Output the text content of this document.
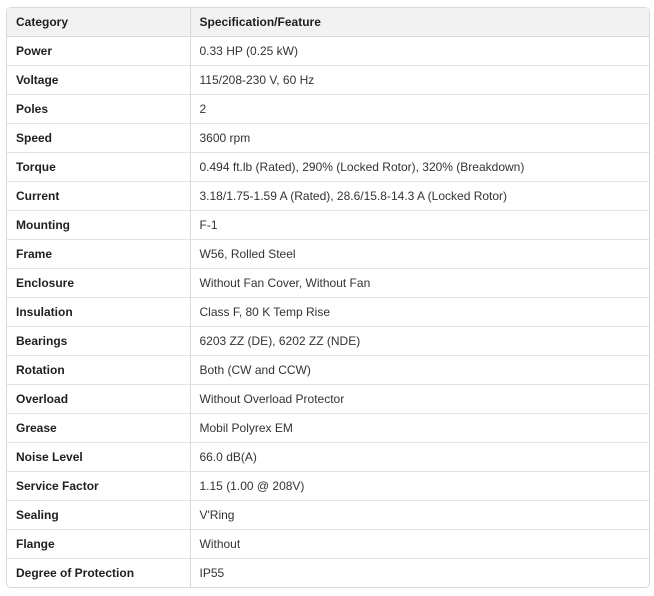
Category	Specification/Feature
Power	0.33 HP (0.25 kW)
Voltage	115/208-230 V, 60 Hz
Poles	2
Speed	3600 rpm
Torque	0.494 ft.lb (Rated), 290% (Locked Rotor), 320% (Breakdown)
Current	3.18/1.75-1.59 A (Rated), 28.6/15.8-14.3 A (Locked Rotor)
Mounting	F-1
Frame	W56, Rolled Steel
Enclosure	Without Fan Cover, Without Fan
Insulation	Class F, 80 K Temp Rise
Bearings	6203 ZZ (DE), 6202 ZZ (NDE)
Rotation	Both (CW and CCW)
Overload	Without Overload Protector
Grease	Mobil Polyrex EM
Noise Level	66.0 dB(A)
Service Factor	1.15 (1.00 @ 208V)
Sealing	V'Ring
Flange	Without
Degree of Protection	IP55
